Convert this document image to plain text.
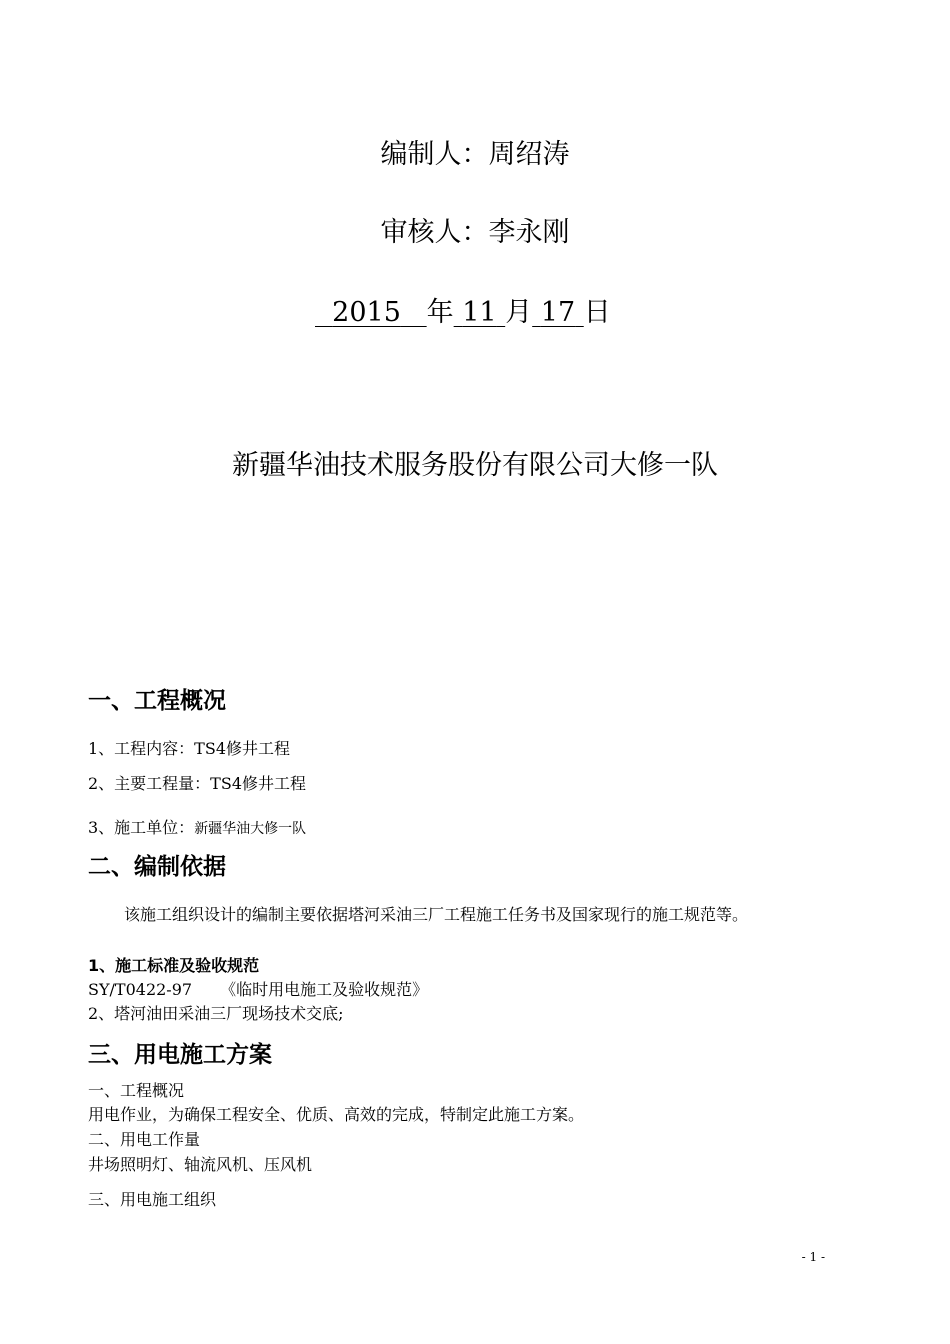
编制人：周绍涛
审核人：李永刚
2015 年 11 月 17 日
新疆华油技术服务股份有限公司大修一队
一、工程概况
1、工程内容：TS4修井工程
2、主要工程量：TS4修井工程
3、施工单位：新疆华油大修一队
二、编制依据
该施工组织设计的编制主要依据塔河采油三厂工程施工任务书及国家现行的施工规范等。
1、施工标准及验收规范
SY/T0422-97 《临时用电施工及验收规范》
2、塔河油田采油三厂现场技术交底;
三、用电施工方案
一、工程概况
用电作业，为确保工程安全、优质、高效的完成，特制定此施工方案。
二、用电工作量
井场照明灯、轴流风机、压风机
三、用电施工组织
- 1 -
